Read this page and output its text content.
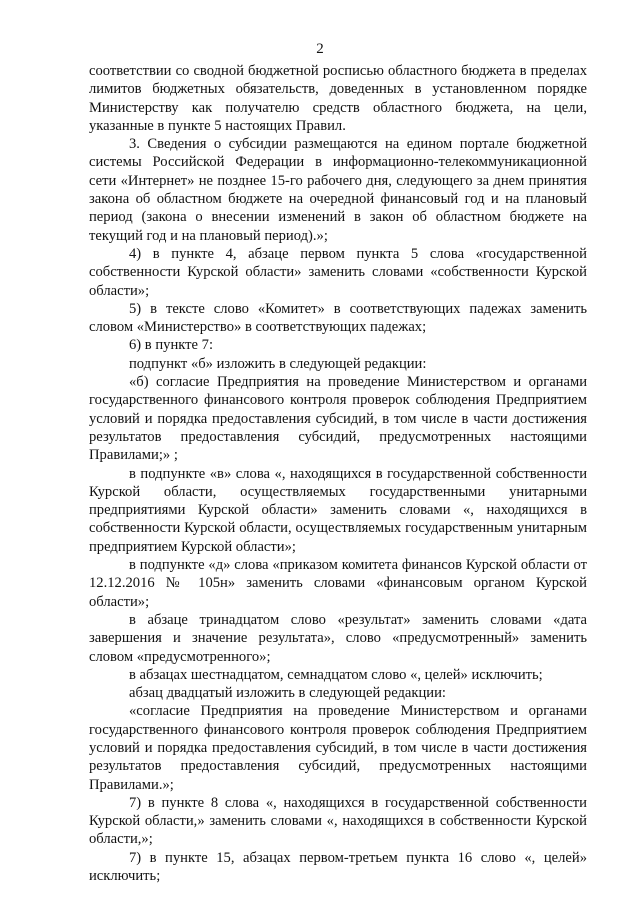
2

соответствии со сводной бюджетной росписью областного бюджета в пределах лимитов бюджетных обязательств, доведенных в установленном порядке Министерству как получателю средств областного бюджета, на цели, указанные в пункте 5 настоящих Правил.

3. Сведения о субсидии размещаются на едином портале бюджетной системы Российской Федерации в информационно-телекоммуникационной сети «Интернет» не позднее 15-го рабочего дня, следующего за днем принятия закона об областном бюджете на очередной финансовый год и на плановый период (закона о внесении изменений в закон об областном бюджете на текущий год и на плановый период).»;

4) в пункте 4, абзаце первом пункта 5 слова «государственной собственности Курской области» заменить словами «собственности Курской области»;

5) в тексте слово «Комитет» в соответствующих падежах заменить словом «Министерство» в соответствующих падежах;

6) в пункте 7:

подпункт «б» изложить в следующей редакции:

«б) согласие Предприятия на проведение Министерством и органами государственного финансового контроля проверок соблюдения Предприятием условий и порядка предоставления субсидий, в том числе в части достижения результатов предоставления субсидий, предусмотренных настоящими Правилами;» ;

в подпункте «в» слова «, находящихся в государственной собственности Курской области, осуществляемых государственными унитарными предприятиями Курской области» заменить словами «, находящихся в собственности Курской области, осуществляемых государственным унитарным предприятием Курской области»;

в подпункте «д» слова «приказом комитета финансов Курской области от 12.12.2016 № 105н» заменить словами «финансовым органом Курской области»;

в абзаце тринадцатом слово «результат» заменить словами «дата завершения и значение результата», слово «предусмотренный» заменить словом «предусмотренного»;

в абзацах шестнадцатом, семнадцатом слово «, целей» исключить;

абзац двадцатый изложить в следующей редакции:

«согласие Предприятия на проведение Министерством и органами государственного финансового контроля проверок соблюдения Предприятием условий и порядка предоставления субсидий, в том числе в части достижения результатов предоставления субсидий, предусмотренных настоящими Правилами.»;

7) в пункте 8 слова «, находящихся в государственной собственности Курской области,» заменить словами «, находящихся в собственности Курской области,»;

7) в пункте 15, абзацах первом-третьем пункта 16 слово «, целей» исключить;
